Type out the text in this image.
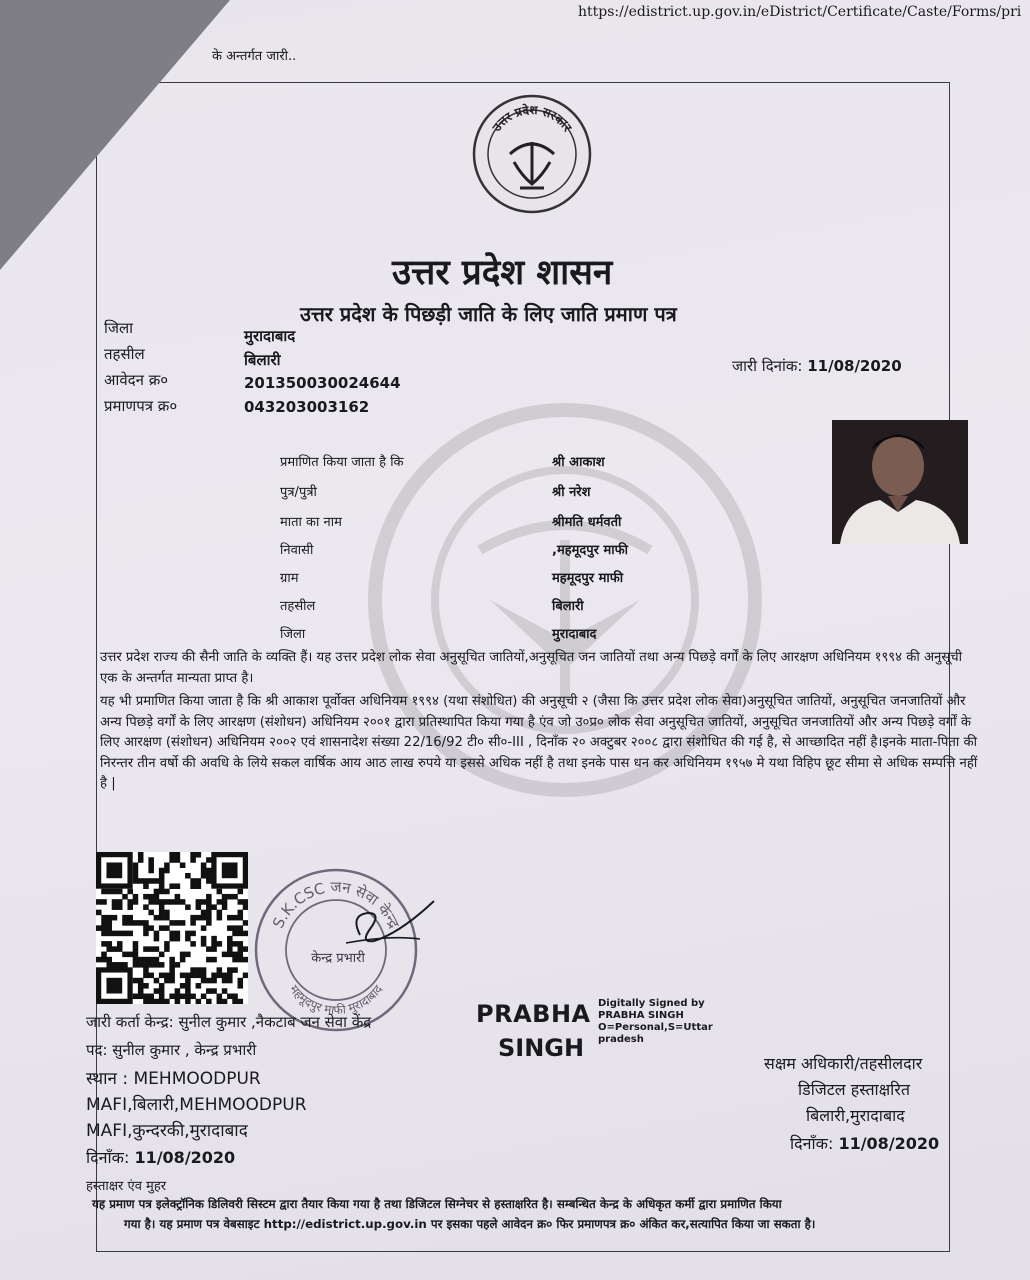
https://edistrict.up.gov.in/eDistrict/Certificate/Caste/Forms/pri
के अन्तर्गत जारी..
उत्तर प्रदेश सरकार
उत्तर प्रदेश शासन
उत्तर प्रदेश के पिछड़ी जाति के लिए जाति प्रमाण पत्र
जिला	मुरादाबाद
तहसील	बिलारी
आवेदन क्र०	201350030024644
प्रमाणपत्र क्र०	043203003162
जारी दिनांक: 11/08/2020
प्रमाणित किया जाता है कि	श्री आकाश
पुत्र/पुत्री	श्री नरेश
माता का नाम	श्रीमति धर्मवती
निवासी	,महमूदपुर माफी
ग्राम	महमूदपुर माफी
तहसील	बिलारी
जिला	मुरादाबाद
उत्तर प्रदेश राज्य की सैनी जाति के व्यक्ति हैं। यह उत्तर प्रदेश लोक सेवा अनुसूचित जातियों,अनुसूचित जन जातियों तथा अन्य पिछड़े वर्गों के लिए आरक्षण अधिनियम १९९४ की अनुसूची एक के अन्तर्गत मान्यता प्राप्त है।
यह भी प्रमाणित किया जाता है कि श्री आकाश पूर्वोक्त अधिनियम १९९४ (यथा संशोधित) की अनुसूची २ (जैसा कि उत्तर प्रदेश लोक सेवा)अनुसूचित जातियों, अनुसूचित जनजातियों और अन्य पिछड़े वर्गों के लिए आरक्षण (संशोधन) अधिनियम २००१ द्वारा प्रतिस्थापित किया गया है एंव जो उ०प्र० लोक सेवा अनुसूचित जातियों, अनुसूचित जनजातियों और अन्य पिछड़े वर्गों के लिए आरक्षण (संशोधन) अधिनियम २००२ एवं शासनादेश संख्या 22/16/92 टी० सी०-III , दिनाँक २० अक्टुबर २००८ द्वारा संशोधित की गई है, से आच्छादित नहीं है।इनके माता-पिता की निरन्तर तीन वर्षो की अवधि के लिये सकल वार्षिक आय आठ लाख रुपये या इससे अधिक नहीं है तथा इनके पास धन कर अधिनियम १९५७ मे यथा विहिप छूट सीमा से अधिक सम्पत्ति नहीं है |
S.K.CSC जन सेवा केन्द्र
महमूदपुर माफी मुरादाबाद
केन्द्र प्रभारी
जारी कर्ता केन्द्र: सुनील कुमार ,नैकटाब जन सेवा केंद्र
पद: सुनील कुमार , केन्द्र प्रभारी
स्थान : MEHMOODPUR
MAFI,बिलारी,MEHMOODPUR
MAFI,कुन्दरकी,मुरादाबाद
दिनाँक: 11/08/2020
हस्ताक्षर एंव मुहर
PRABHA
SINGH
Digitally Signed by
PRABHA SINGH
O=Personal,S=Uttar
pradesh
सक्षम अधिकारी/तहसीलदार
डिजिटल हस्ताक्षरित
बिलारी,मुरादाबाद
दिनाँक: 11/08/2020
यह प्रमाण पत्र इलेक्ट्रॉनिक डिलिवरी सिस्टम द्वारा तैयार किया गया है तथा डिजिटल सिग्नेचर से हस्ताक्षरित है। सम्बन्धित केन्द्र के अधिकृत कर्मी द्वारा प्रमाणित किया
गया है। यह प्रमाण पत्र वेबसाइट http://edistrict.up.gov.in पर इसका पहले आवेदन क्र० फिर प्रमाणपत्र क्र० अंकित कर,सत्यापित किया जा सकता है।
